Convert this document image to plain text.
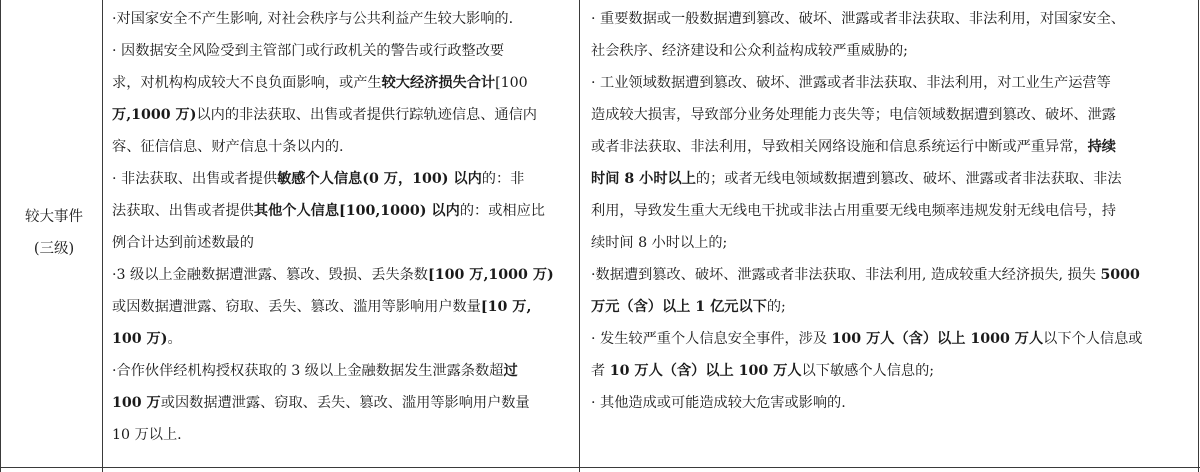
较大事件
(三级)
·对国家安全不产生影响, 对社会秩序与公共利益产生较大影响的.
· 因数据安全风险受到主管部门或行政机关的警告或行政整改要
求，对机构构成较大不良负面影响，或产生较大经济损失合计[100
万,1000 万)以内的非法获取、出售或者提供行踪轨迹信息、通信内
容、征信信息、财产信息十条以内的.
· 非法获取、出售或者提供敏感个人信息(0 万，100) 以内的：非
法获取、出售或者提供其他个人信息[100,1000) 以内的：或相应比
例合计达到前述数最的
·3 级以上金融数据遭泄露、篡改、毁损、丢失条数[100 万,1000 万)
或因数据遭泄露、窃取、丢失、篡改、滥用等影响用户数量[10 万,
100 万)。
·合作伙伴经机构授权获取的 3 级以上金融数据发生泄露条数超过
100 万或因数据遭泄露、窃取、丢失、篡改、滥用等影响用户数量
10 万以上.
· 重要数据或一般数据遭到篡改、破坏、泄露或者非法获取、非法利用，对国家安全、
社会秩序、经济建设和公众利益构成较严重威胁的;
· 工业领域数据遭到篡改、破坏、泄露或者非法获取、非法利用，对工业生产运营等
造成较大损害，导致部分业务处理能力丧失等；电信领域数据遭到篡改、破坏、泄露
或者非法获取、非法利用，导致相关网络设施和信息系统运行中断或严重异常，持续
时间 8 小时以上的；或者无线电领域数据遭到篡改、破坏、泄露或者非法获取、非法
利用，导致发生重大无线电干扰或非法占用重要无线电频率违规发射无线电信号，持
续时间 8 小时以上的;
·数据遭到篡改、破坏、泄露或者非法获取、非法利用, 造成较重大经济损失, 损失 5000
万元（含）以上 1 亿元以下的;
· 发生较严重个人信息安全事件，涉及 100 万人（含）以上 1000 万人以下个人信息或
者 10 万人（含）以上 100 万人以下敏感个人信息的;
· 其他造成或可能造成较大危害或影响的.
